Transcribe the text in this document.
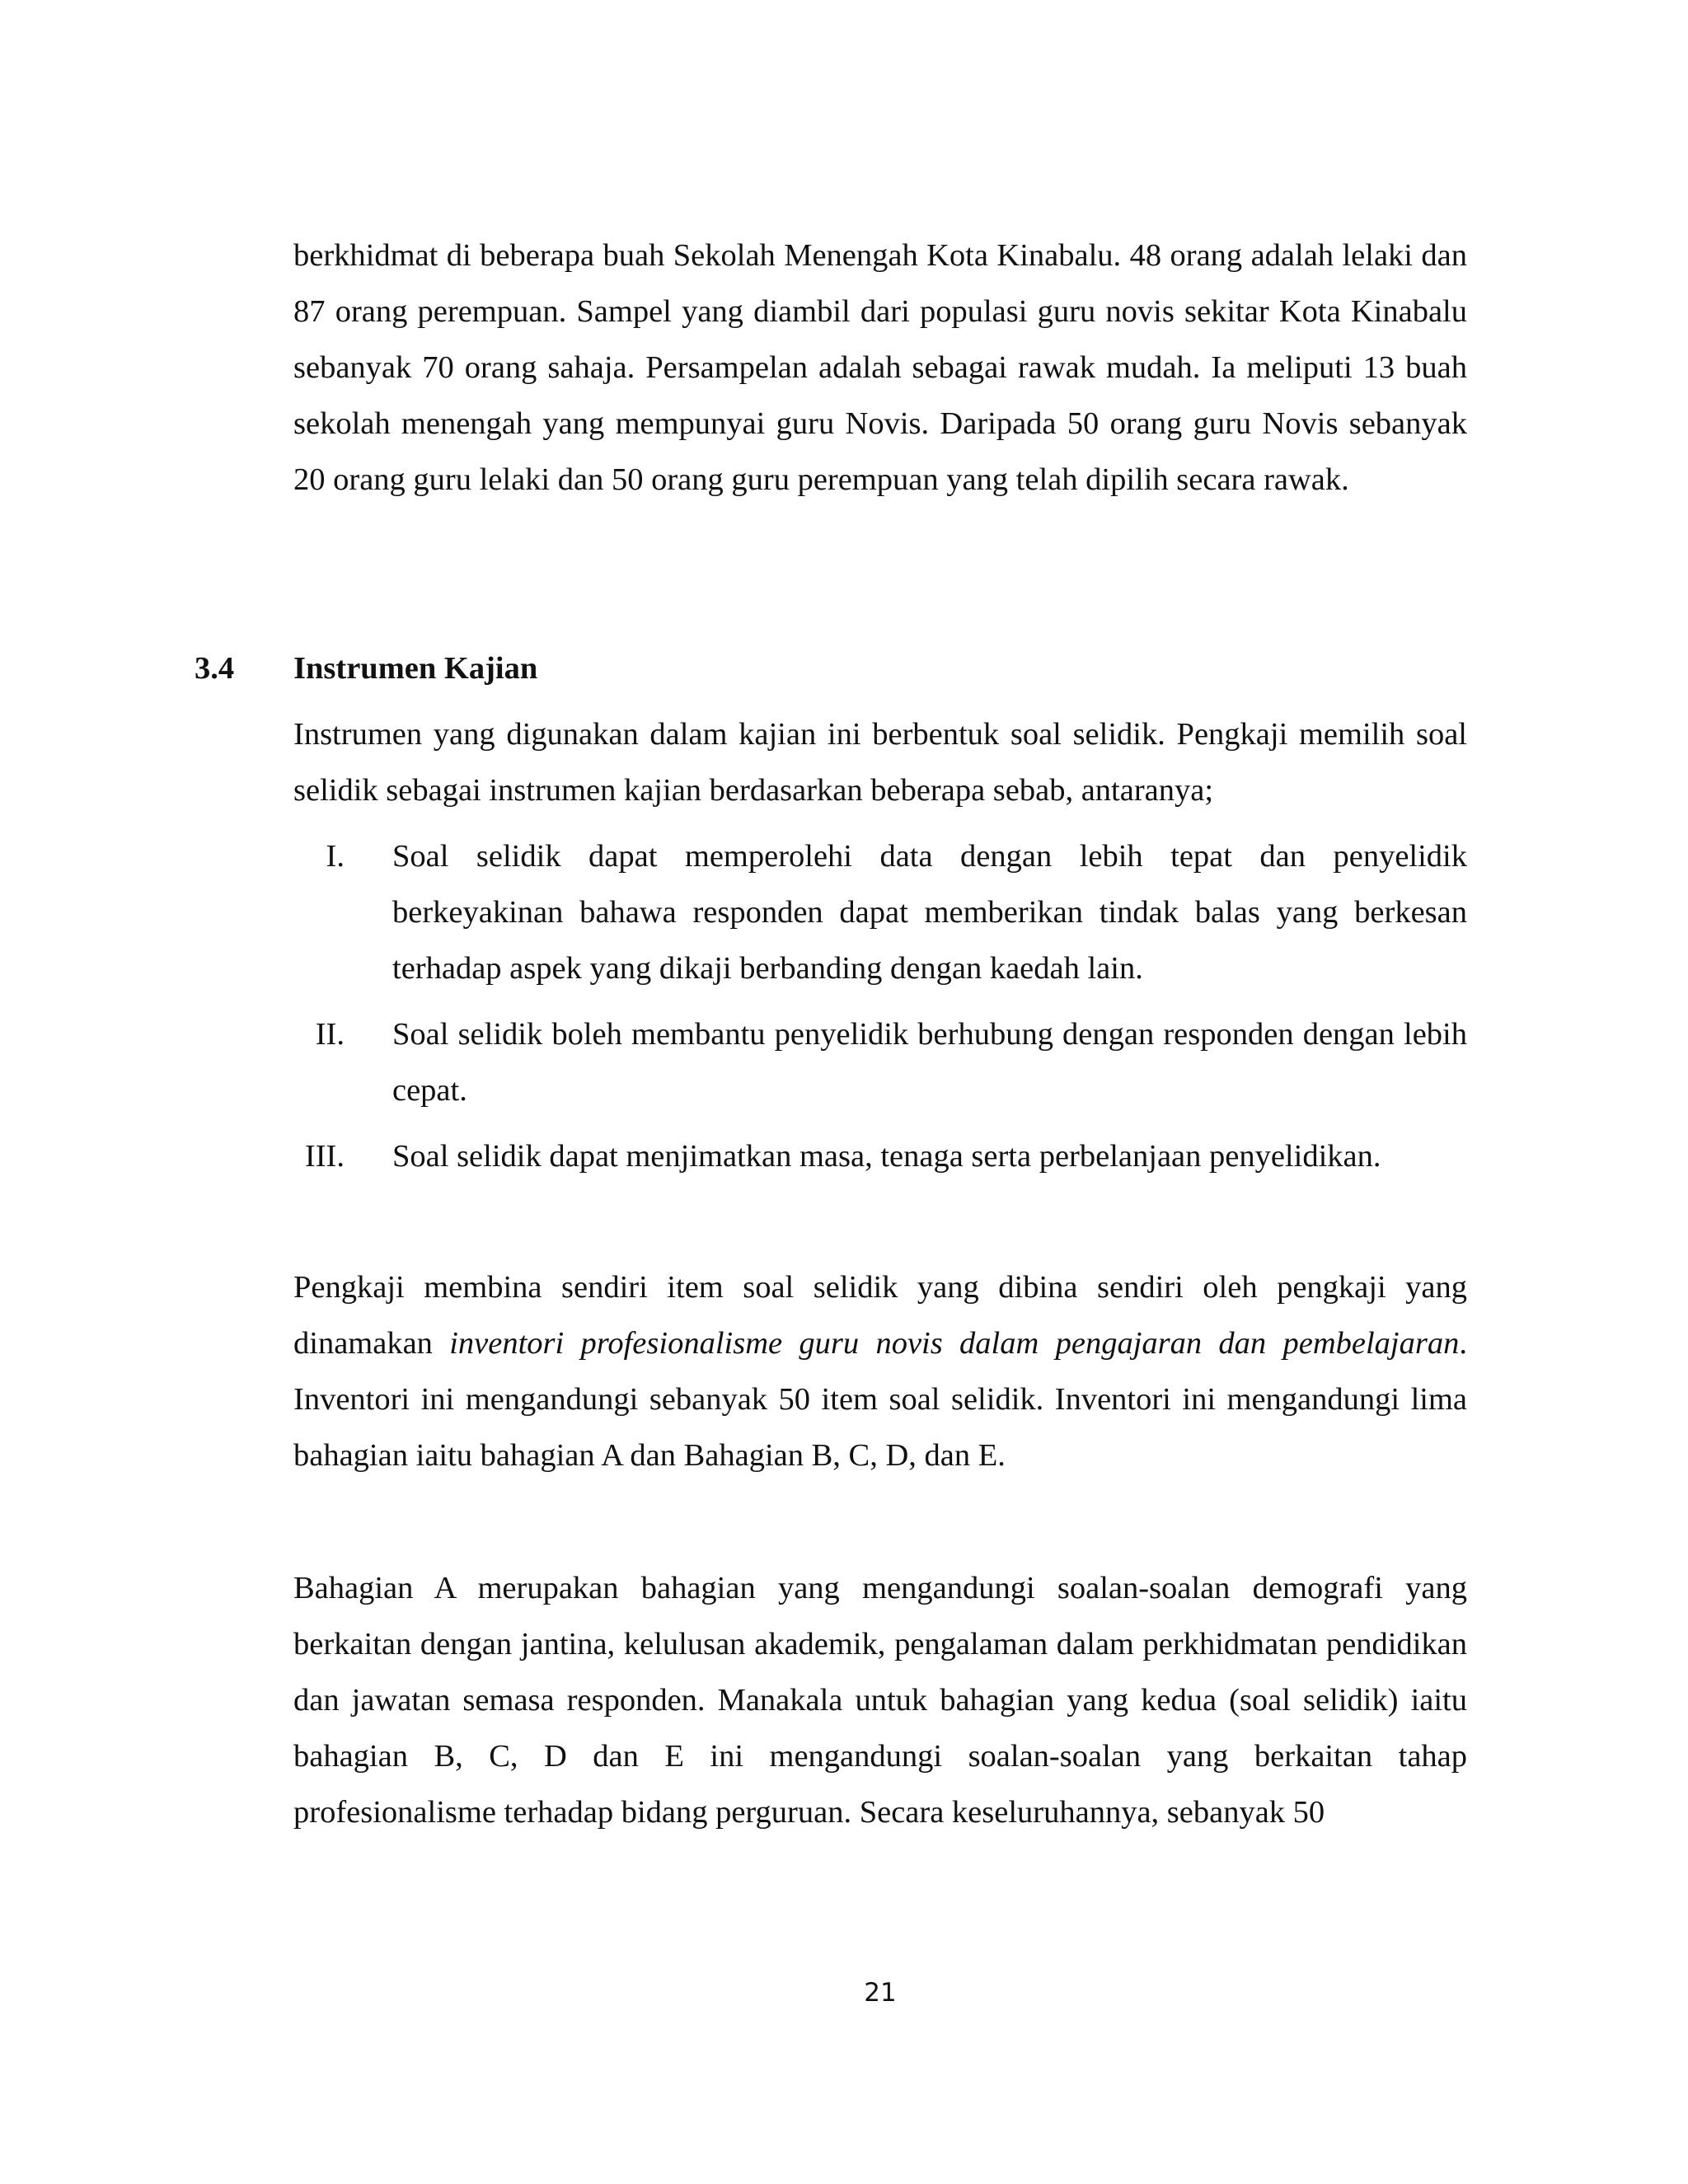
berkhidmat di beberapa buah Sekolah Menengah Kota Kinabalu. 48 orang adalah lelaki dan 87 orang perempuan. Sampel yang diambil dari populasi guru novis sekitar Kota Kinabalu sebanyak 70 orang sahaja. Persampelan adalah sebagai rawak mudah. Ia meliputi 13 buah sekolah menengah yang mempunyai guru Novis. Daripada 50 orang guru Novis sebanyak 20 orang guru lelaki dan 50 orang guru perempuan yang telah dipilih secara rawak.

3.4 Instrumen Kajian

Instrumen yang digunakan dalam kajian ini berbentuk soal selidik. Pengkaji memilih soal selidik sebagai instrumen kajian berdasarkan beberapa sebab, antaranya;

I. Soal selidik dapat memperolehi data dengan lebih tepat dan penyelidik berkeyakinan bahawa responden dapat memberikan tindak balas yang berkesan terhadap aspek yang dikaji berbanding dengan kaedah lain.
II. Soal selidik boleh membantu penyelidik berhubung dengan responden dengan lebih cepat.
III. Soal selidik dapat menjimatkan masa, tenaga serta perbelanjaan penyelidikan.

Pengkaji membina sendiri item soal selidik yang dibina sendiri oleh pengkaji yang dinamakan inventori profesionalisme guru novis dalam pengajaran dan pembelajaran. Inventori ini mengandungi sebanyak 50 item soal selidik. Inventori ini mengandungi lima bahagian iaitu bahagian A dan Bahagian B, C, D, dan E.

Bahagian A merupakan bahagian yang mengandungi soalan-soalan demografi yang berkaitan dengan jantina, kelulusan akademik, pengalaman dalam perkhidmatan pendidikan dan jawatan semasa responden. Manakala untuk bahagian yang kedua (soal selidik) iaitu bahagian B, C, D dan E ini mengandungi soalan-soalan yang berkaitan tahap profesionalisme terhadap bidang perguruan. Secara keseluruhannya, sebanyak 50

21
